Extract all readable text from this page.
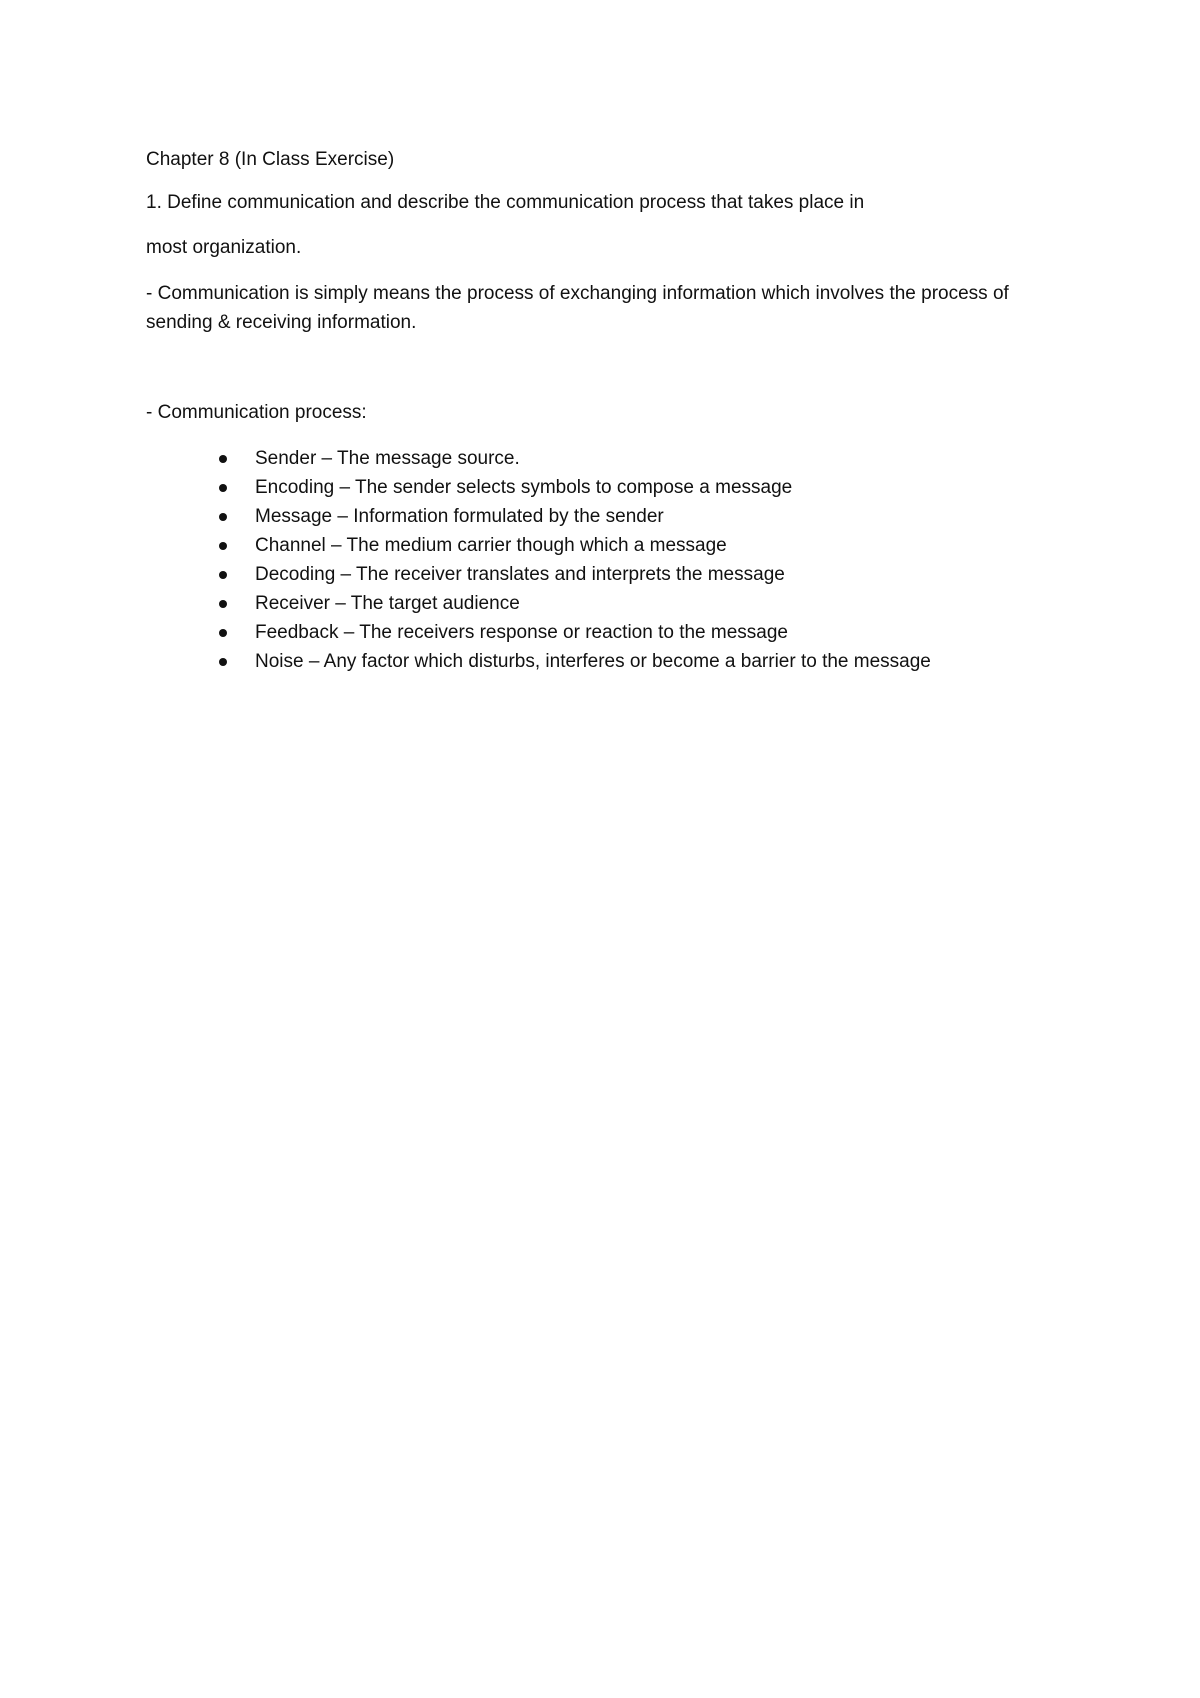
Chapter 8 (In Class Exercise)
1. Define communication and describe the communication process that takes place in
most organization.
- Communication is simply means the process of exchanging information which involves the process of sending & receiving information.
- Communication process:
Sender – The message source.
Encoding – The sender selects symbols to compose a message
Message – Information formulated by the sender
Channel – The medium carrier though which a message
Decoding – The receiver translates and interprets the message
Receiver – The target audience
Feedback – The receivers response or reaction to the message
Noise – Any factor which disturbs, interferes or become a barrier to the message
